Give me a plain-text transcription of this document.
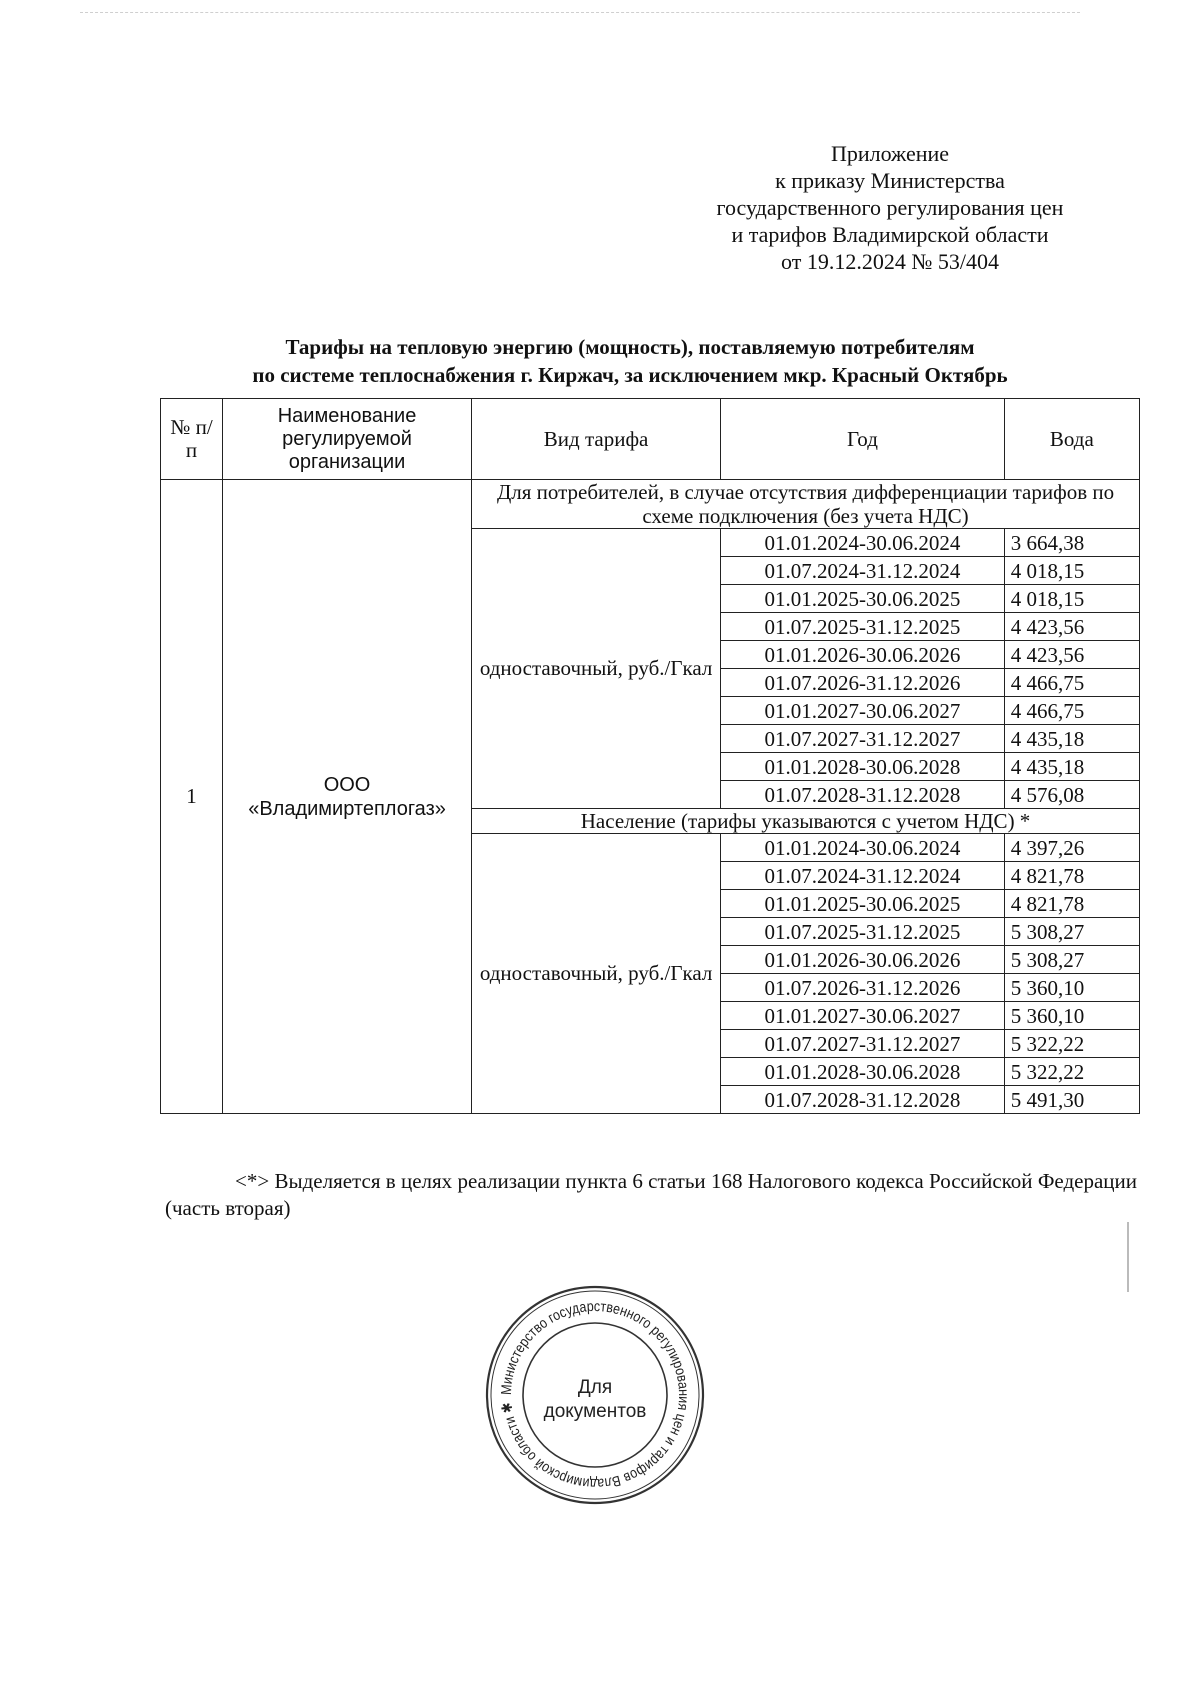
Приложение
к приказу Министерства
государственного регулирования цен
и тарифов Владимирской области
от 19.12.2024 № 53/404
Тарифы на тепловую энергию (мощность), поставляемую потребителям
по системе теплоснабжения г. Киржач, за исключением мкр. Красный Октябрь
№ п/п	Наименование регулируемой организации	Вид тарифа	Год	Вода
1	ООО «Владимиртеплогаз»	Для потребителей, в случае отсутствия дифференциации тарифов по схеме подключения (без учета НДС)		
		одноставочный, руб./Гкал	01.01.2024-30.06.2024	3 664,38
			01.07.2024-31.12.2024	4 018,15
			01.01.2025-30.06.2025	4 018,15
			01.07.2025-31.12.2025	4 423,56
			01.01.2026-30.06.2026	4 423,56
			01.07.2026-31.12.2026	4 466,75
			01.01.2027-30.06.2027	4 466,75
			01.07.2027-31.12.2027	4 435,18
			01.01.2028-30.06.2028	4 435,18
			01.07.2028-31.12.2028	4 576,08
		Население (тарифы указываются с учетом НДС) *		
		одноставочный, руб./Гкал	01.01.2024-30.06.2024	4 397,26
			01.07.2024-31.12.2024	4 821,78
			01.01.2025-30.06.2025	4 821,78
			01.07.2025-31.12.2025	5 308,27
			01.01.2026-30.06.2026	5 308,27
			01.07.2026-31.12.2026	5 360,10
			01.01.2027-30.06.2027	5 360,10
			01.07.2027-31.12.2027	5 322,22
			01.01.2028-30.06.2028	5 322,22
			01.07.2028-31.12.2028	5 491,30
<*> Выделяется в целях реализации пункта 6 статьи 168 Налогового кодекса Российской Федерации (часть вторая)
Министерство государственного регулирования цен и тарифов Владимирской области ✱
Для
документов
